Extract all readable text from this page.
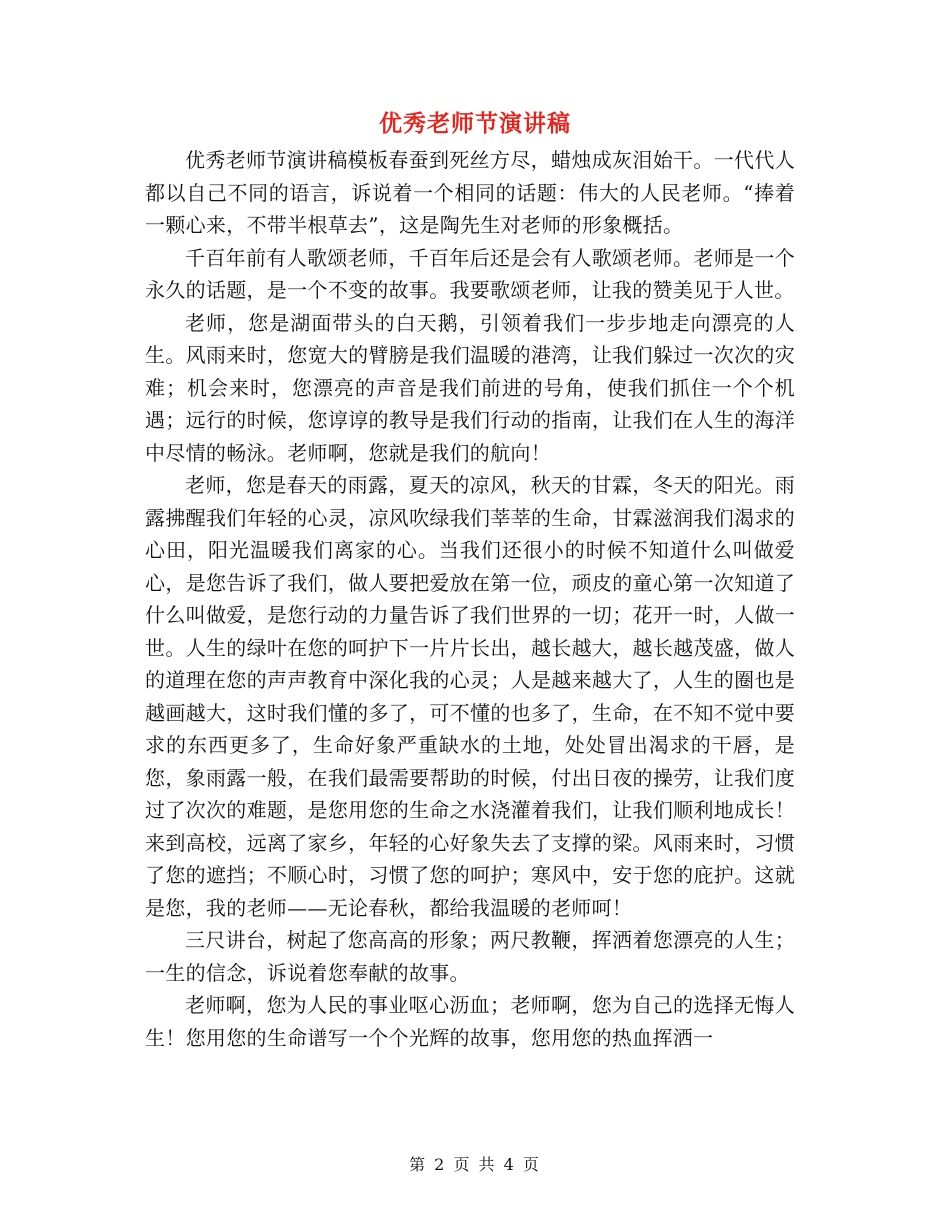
优秀老师节演讲稿

优秀老师节演讲稿模板春蚕到死丝方尽，蜡烛成灰泪始干。一代代人都以自己不同的语言，诉说着一个相同的话题：伟大的人民老师。“捧着一颗心来，不带半根草去”，这是陶先生对老师的形象概括。

千百年前有人歌颂老师，千百年后还是会有人歌颂老师。老师是一个永久的话题，是一个不变的故事。我要歌颂老师，让我的赞美见于人世。

老师，您是湖面带头的白天鹅，引领着我们一步步地走向漂亮的人生。风雨来时，您宽大的臂膀是我们温暖的港湾，让我们躲过一次次的灾难；机会来时，您漂亮的声音是我们前进的号角，使我们抓住一个个机遇；远行的时候，您谆谆的教导是我们行动的指南，让我们在人生的海洋中尽情的畅泳。老师啊，您就是我们的航向！

老师，您是春天的雨露，夏天的凉风，秋天的甘霖，冬天的阳光。雨露拂醒我们年轻的心灵，凉风吹绿我们莘莘的生命，甘霖滋润我们渴求的心田，阳光温暖我们离家的心。当我们还很小的时候不知道什么叫做爱心，是您告诉了我们，做人要把爱放在第一位，顽皮的童心第一次知道了什么叫做爱，是您行动的力量告诉了我们世界的一切；花开一时，人做一世。人生的绿叶在您的呵护下一片片长出，越长越大，越长越茂盛，做人的道理在您的声声教育中深化我的心灵；人是越来越大了，人生的圈也是越画越大，这时我们懂的多了，可不懂的也多了，生命，在不知不觉中要求的东西更多了，生命好象严重缺水的土地，处处冒出渴求的干唇，是您，象雨露一般，在我们最需要帮助的时候，付出日夜的操劳，让我们度过了次次的难题，是您用您的生命之水浇灌着我们，让我们顺利地成长！来到高校，远离了家乡，年轻的心好象失去了支撑的梁。风雨来时，习惯了您的遮挡；不顺心时，习惯了您的呵护；寒风中，安于您的庇护。这就是您，我的老师——无论春秋，都给我温暖的老师呵！

三尺讲台，树起了您高高的形象；两尺教鞭，挥洒着您漂亮的人生；一生的信念，诉说着您奉献的故事。

老师啊，您为人民的事业呕心沥血；老师啊，您为自己的选择无悔人生！您用您的生命谱写一个个光辉的故事，您用您的热血挥洒一

第 2 页 共 4 页
